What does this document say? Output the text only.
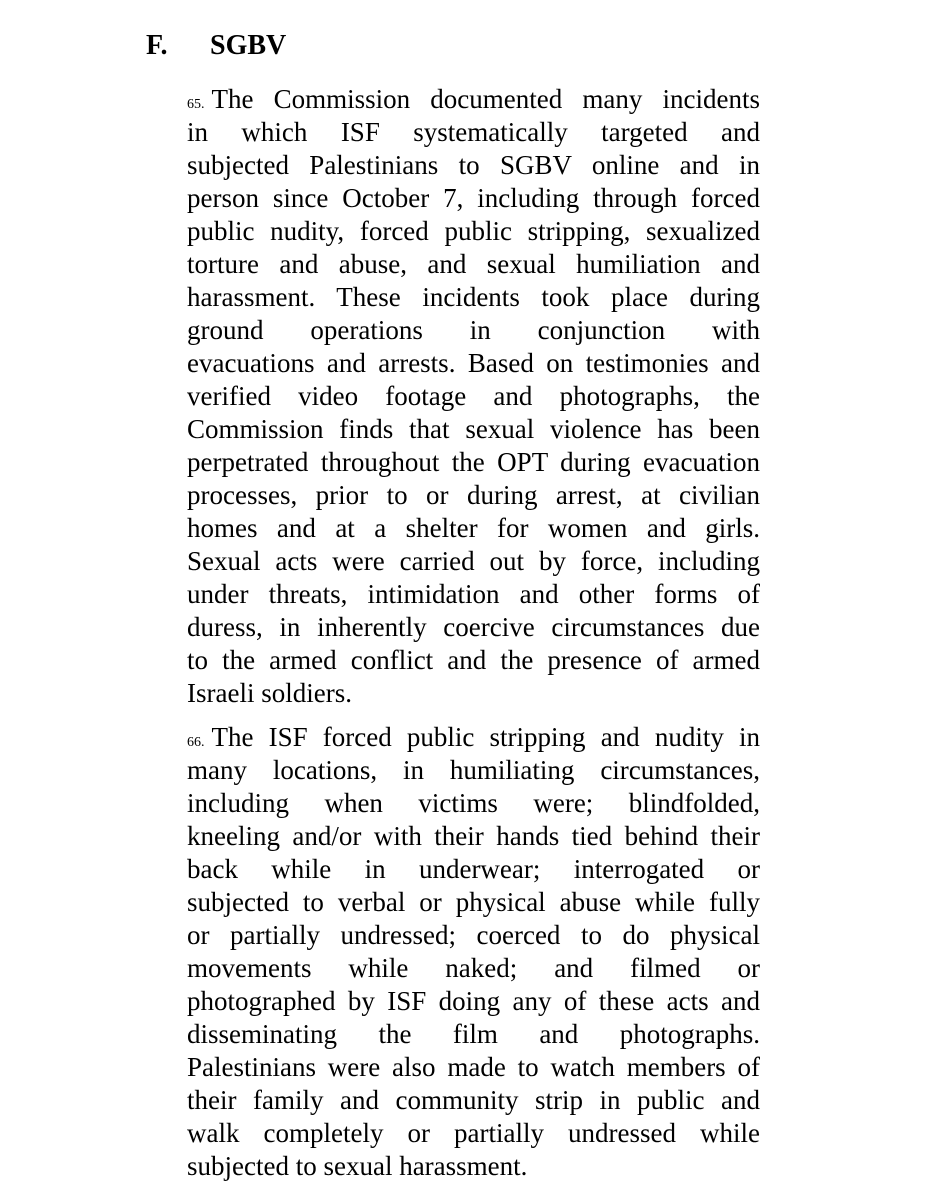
F. SGBV
65. The Commission documented many incidents
in which ISF systematically targeted and
subjected Palestinians to SGBV online and in
person since October 7, including through forced
public nudity, forced public stripping, sexualized
torture and abuse, and sexual humiliation and
harassment. These incidents took place during
ground operations in conjunction with
evacuations and arrests. Based on testimonies and
verified video footage and photographs, the
Commission finds that sexual violence has been
perpetrated throughout the OPT during evacuation
processes, prior to or during arrest, at civilian
homes and at a shelter for women and girls.
Sexual acts were carried out by force, including
under threats, intimidation and other forms of
duress, in inherently coercive circumstances due
to the armed conflict and the presence of armed
Israeli soldiers.
66. The ISF forced public stripping and nudity in
many locations, in humiliating circumstances,
including when victims were; blindfolded,
kneeling and/or with their hands tied behind their
back while in underwear; interrogated or
subjected to verbal or physical abuse while fully
or partially undressed; coerced to do physical
movements while naked; and filmed or
photographed by ISF doing any of these acts and
disseminating the film and photographs.
Palestinians were also made to watch members of
their family and community strip in public and
walk completely or partially undressed while
subjected to sexual harassment.
